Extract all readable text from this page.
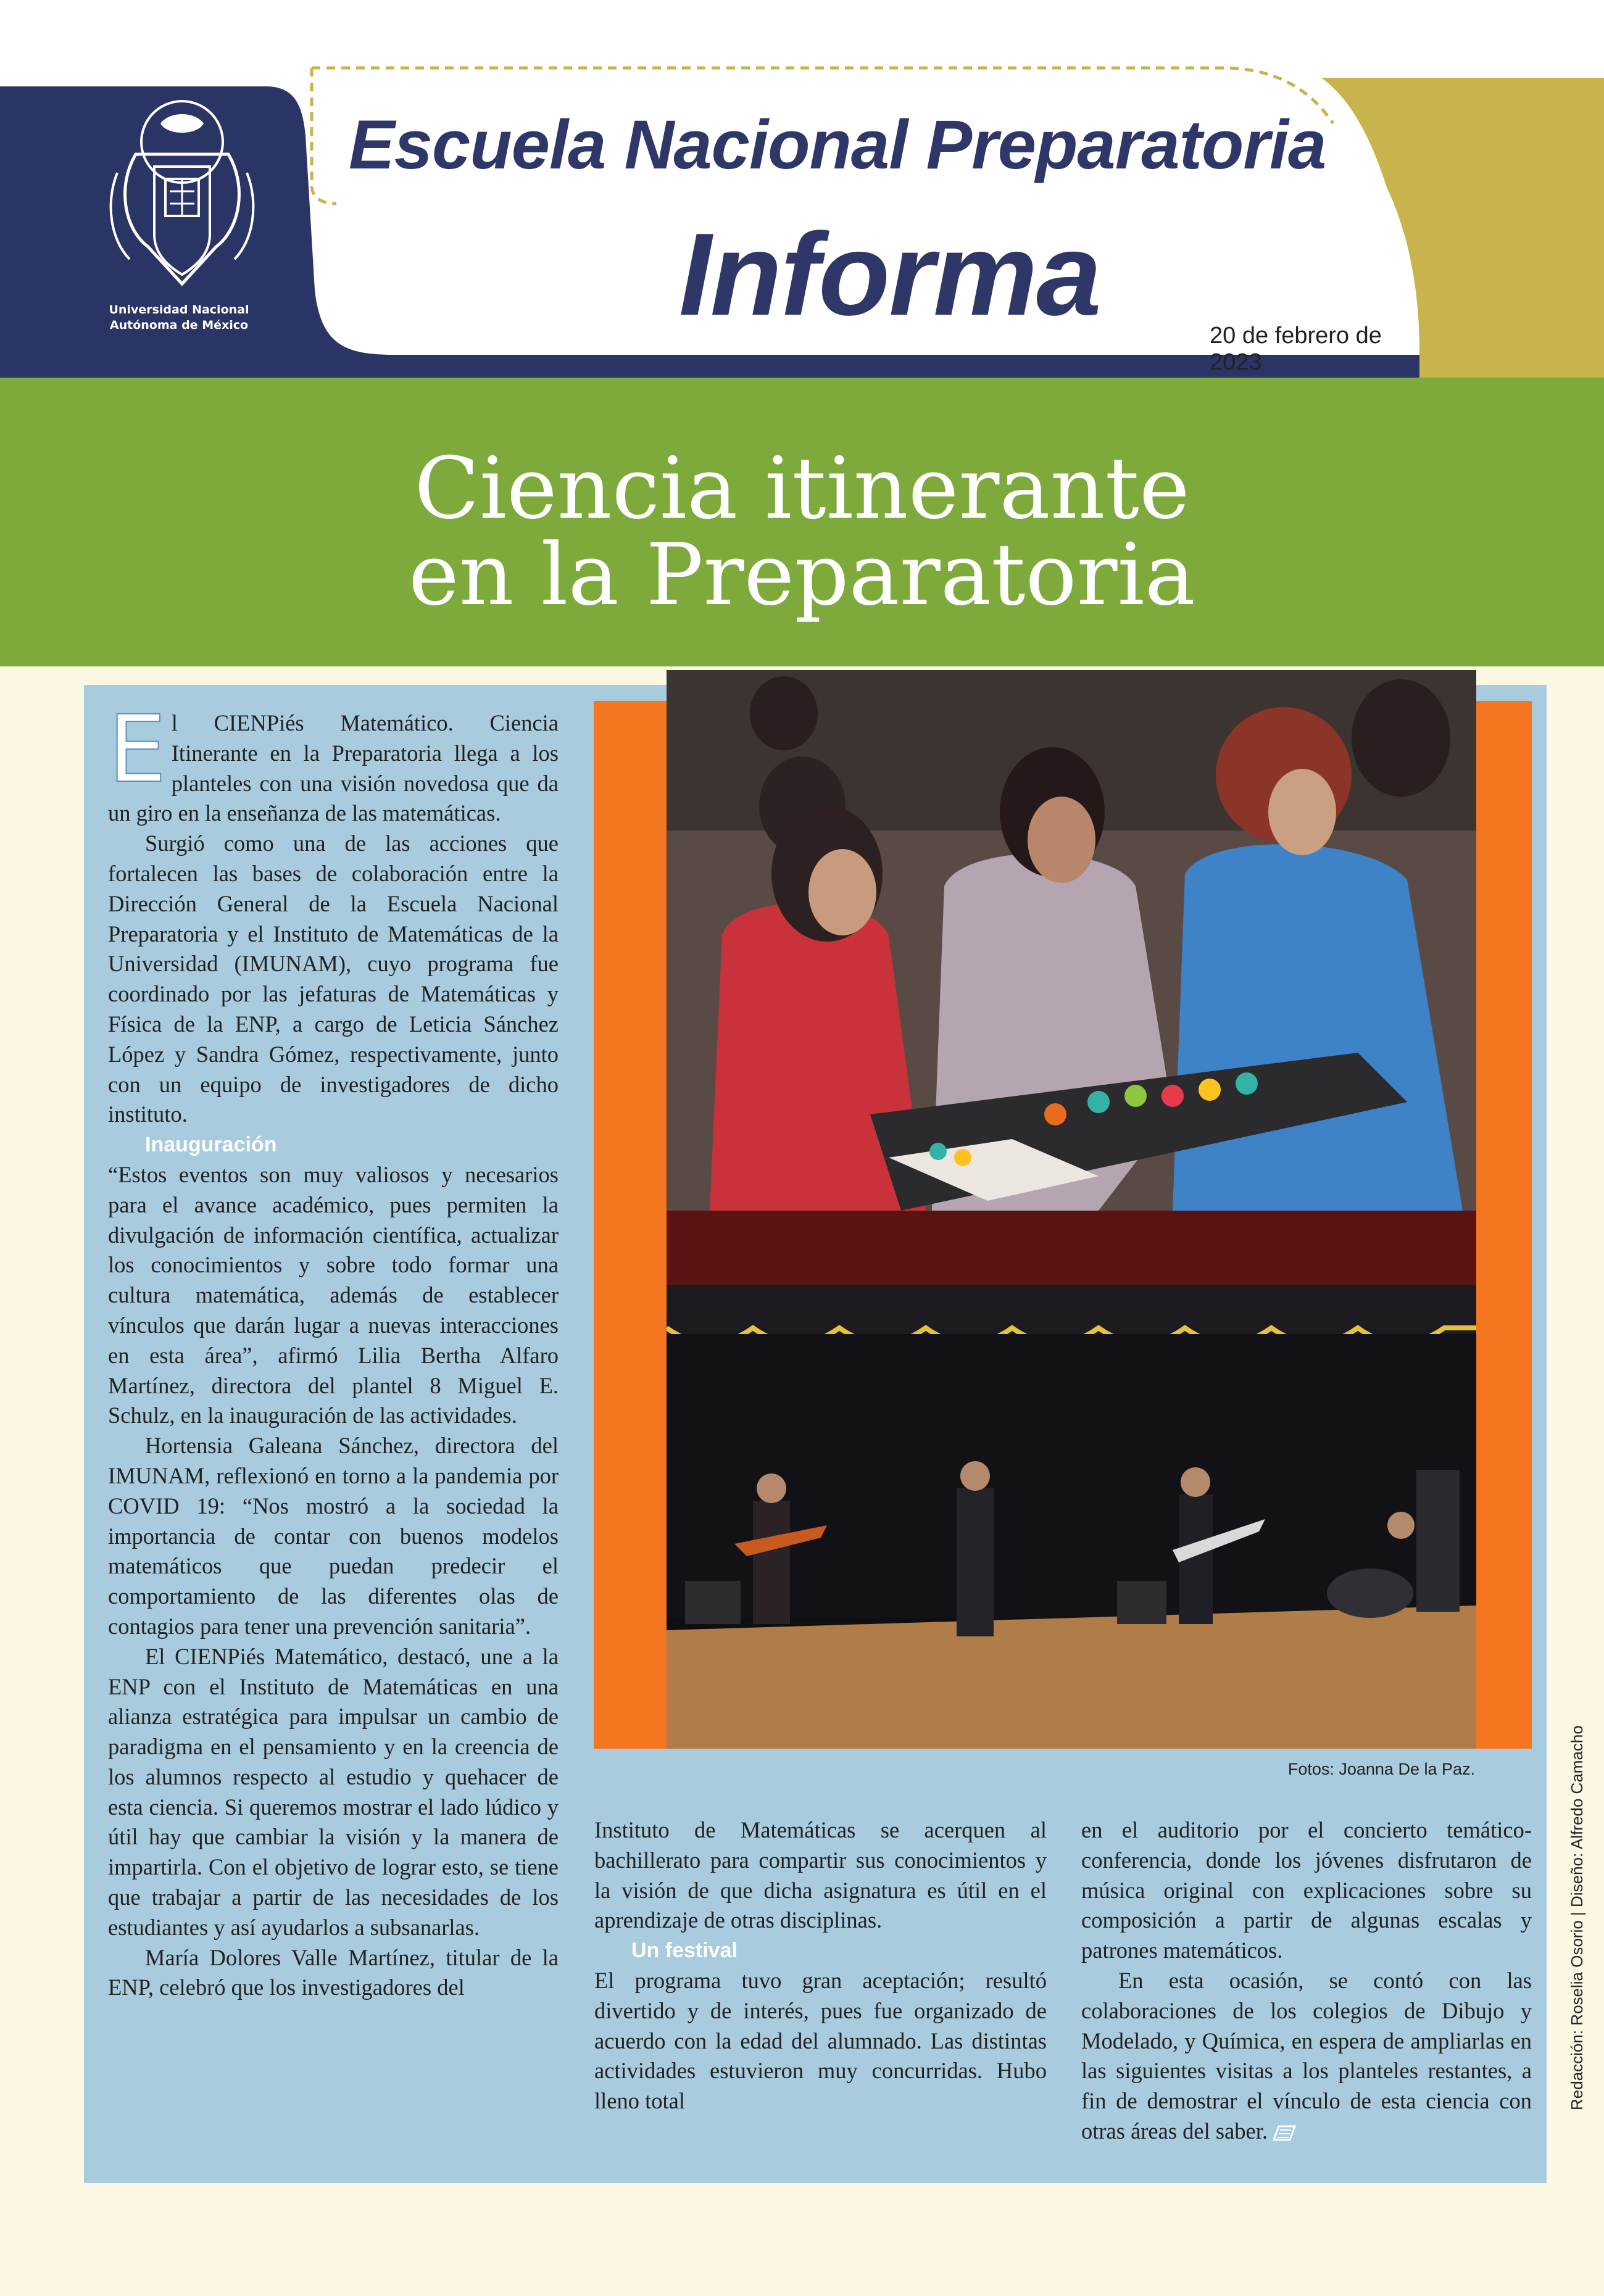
Universidad Nacional
Autónoma de México
Escuela Nacional Preparatoria
Informa	20 de febrero de 2023
Ciencia itinerante
en la Preparatoria
Fotos: Joanna De la Paz.

El CIENPiés Matemático. Ciencia Itinerante en la Preparatoria llega a los planteles con una visión novedosa que da un giro en la enseñanza de las matemáticas.

Surgió como una de las acciones que fortalecen las bases de colaboración entre la Dirección General de la Escuela Nacional Preparatoria y el Instituto de Matemáticas de la Universidad (IMUNAM), cuyo programa fue coordinado por las jefaturas de Matemáticas y Física de la ENP, a cargo de Leticia Sánchez López y Sandra Gómez, respectivamente, junto con un equipo de investigadores de dicho instituto.

Inauguración

“Estos eventos son muy valiosos y necesarios para el avance académico, pues permiten la divulgación de información científica, actualizar los conocimientos y sobre todo formar una cultura matemática, además de establecer vínculos que darán lugar a nuevas interacciones en esta área”, afirmó Lilia Bertha Alfaro Martínez, directora del plantel 8 Miguel E. Schulz, en la inauguración de las actividades.

Hortensia Galeana Sánchez, directora del IMUNAM, reflexionó en torno a la pandemia por COVID 19: “Nos mostró a la sociedad la importancia de contar con buenos modelos matemáticos que puedan predecir el comportamiento de las diferentes olas de contagios para tener una prevención sanitaria”.

El CIENPiés Matemático, destacó, une a la ENP con el Instituto de Matemáticas en una alianza estratégica para impulsar un cambio de paradigma en el pensamiento y en la creencia de los alumnos respecto al estudio y quehacer de esta ciencia. Si queremos mostrar el lado lúdico y útil hay que cambiar la visión y la manera de impartirla. Con el objetivo de lograr esto, se tiene que trabajar a partir de las necesidades de los estudiantes y así ayudarlos a subsanarlas.

María Dolores Valle Martínez, titular de la ENP, celebró que los investigadores del

Instituto de Matemáticas se acerquen al bachillerato para compartir sus conocimientos y la visión de que dicha asignatura es útil en el aprendizaje de otras disciplinas.

Un festival

El programa tuvo gran aceptación; resultó divertido y de interés, pues fue organizado de acuerdo con la edad del alumnado. Las distintas actividades estuvieron muy concurridas. Hubo lleno total

en el auditorio por el concierto temático-conferencia, donde los jóvenes disfrutaron de música original con explicaciones sobre su composición a partir de algunas escalas y patrones matemáticos.

En esta ocasión, se contó con las colaboraciones de los colegios de Dibujo y Modelado, y Química, en espera de ampliarlas en las siguientes visitas a los planteles restantes, a fin de demostrar el vínculo de esta ciencia con otras áreas del saber.

Redacción: Roselia Osorio | Diseño: Alfredo Camacho
